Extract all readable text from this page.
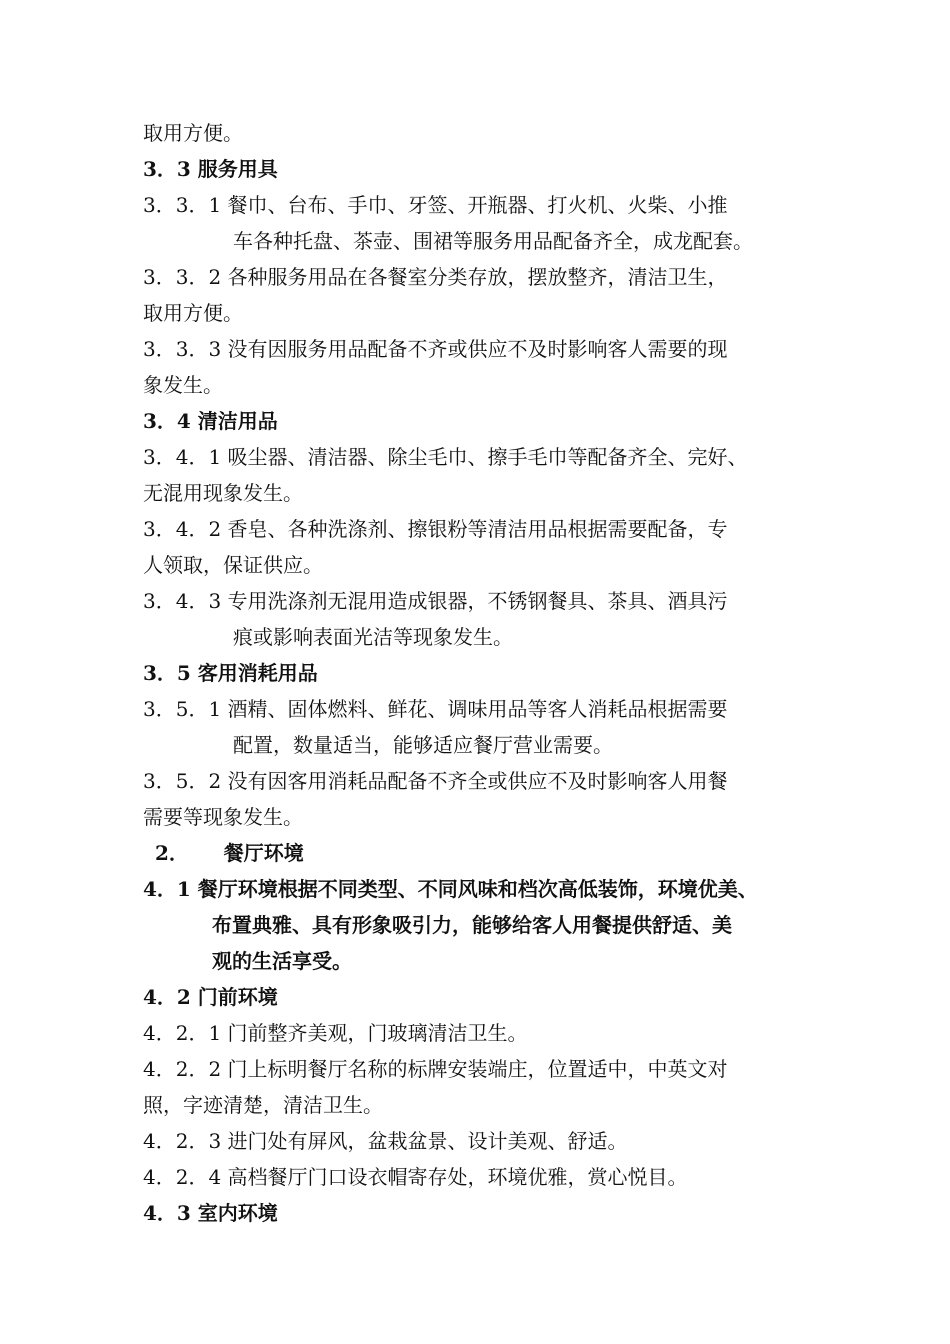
取用方便。
3．3 服务用具
3．3．1 餐巾、台布、手巾、牙签、开瓶器、打火机、火柴、小推
车各种托盘、茶壶、围裙等服务用品配备齐全，成龙配套。
3．3．2 各种服务用品在各餐室分类存放，摆放整齐，清洁卫生，
取用方便。
3．3．3 没有因服务用品配备不齐或供应不及时影响客人需要的现
象发生。
3．4 清洁用品
3．4．1 吸尘器、清洁器、除尘毛巾、擦手毛巾等配备齐全、完好、
无混用现象发生。
3．4．2 香皂、各种洗涤剂、擦银粉等清洁用品根据需要配备，专
人领取，保证供应。
3．4．3 专用洗涤剂无混用造成银器，不锈钢餐具、茶具、酒具污
痕或影响表面光洁等现象发生。
3．5 客用消耗用品
3．5．1 酒精、固体燃料、鲜花、调味用品等客人消耗品根据需要
配置，数量适当，能够适应餐厅营业需要。
3．5．2 没有因客用消耗品配备不齐全或供应不及时影响客人用餐
需要等现象发生。
2．     餐厅环境
4．1 餐厅环境根据不同类型、不同风味和档次高低装饰，环境优美、
布置典雅、具有形象吸引力，能够给客人用餐提供舒适、美
观的生活享受。
4．2 门前环境
4．2．1 门前整齐美观，门玻璃清洁卫生。
4．2．2 门上标明餐厅名称的标牌安装端庄，位置适中，中英文对
照，字迹清楚，清洁卫生。
4．2．3 进门处有屏风，盆栽盆景、设计美观、舒适。
4．2．4 高档餐厅门口设衣帽寄存处，环境优雅，赏心悦目。
4．3 室内环境
